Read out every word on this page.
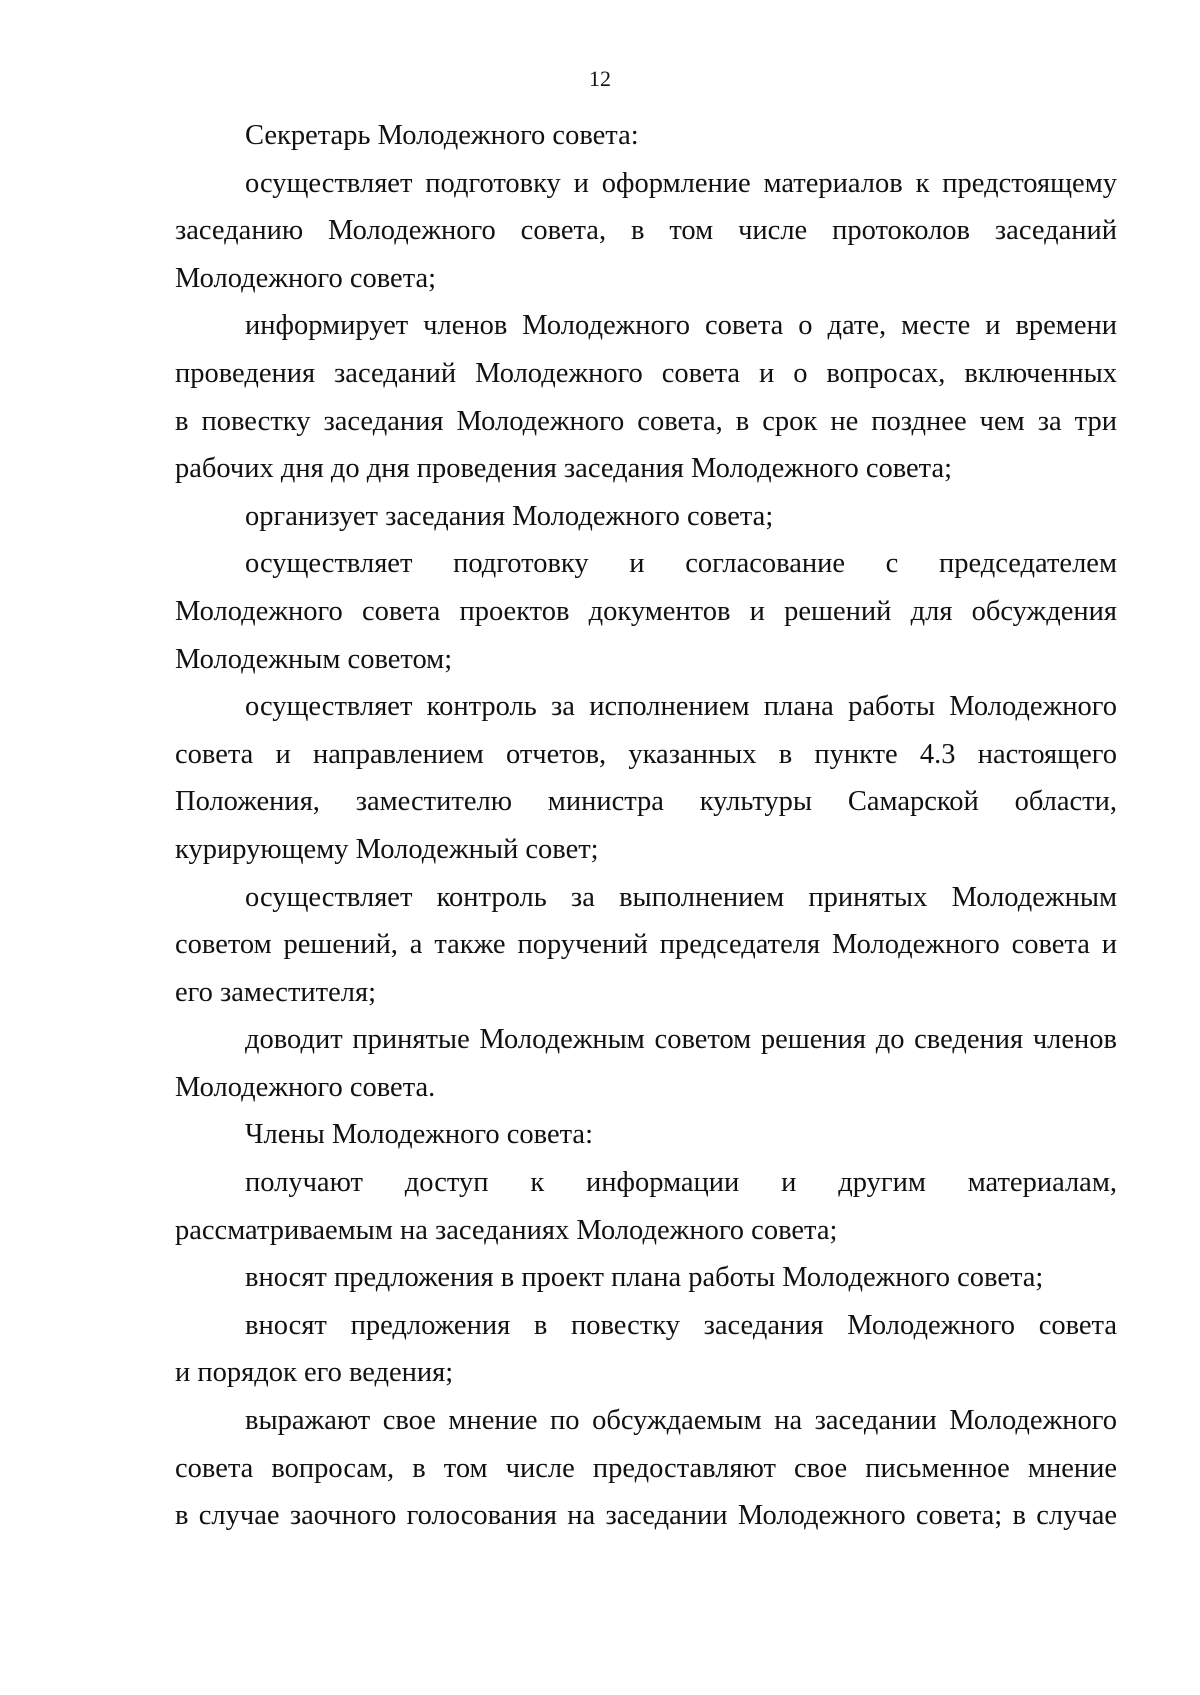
12
Секретарь Молодежного совета:
осуществляет подготовку и оформление материалов к предстоящему
заседанию Молодежного совета, в том числе протоколов заседаний
Молодежного совета;
информирует членов Молодежного совета о дате, месте и времени
проведения заседаний Молодежного совета и о вопросах, включенных
в повестку заседания Молодежного совета, в срок не позднее чем за три
рабочих дня до дня проведения заседания Молодежного совета;
организует заседания Молодежного совета;
осуществляет подготовку и согласование с председателем
Молодежного совета проектов документов и решений для обсуждения
Молодежным советом;
осуществляет контроль за исполнением плана работы Молодежного
совета и направлением отчетов, указанных в пункте 4.3 настоящего
Положения, заместителю министра культуры Самарской области,
курирующему Молодежный совет;
осуществляет контроль за выполнением принятых Молодежным
советом решений, а также поручений председателя Молодежного совета и
его заместителя;
доводит принятые Молодежным советом решения до сведения членов
Молодежного совета.
Члены Молодежного совета:
получают доступ к информации и другим материалам,
рассматриваемым на заседаниях Молодежного совета;
вносят предложения в проект плана работы Молодежного совета;
вносят предложения в повестку заседания Молодежного совета
и порядок его ведения;
выражают свое мнение по обсуждаемым на заседании Молодежного
совета вопросам, в том числе предоставляют свое письменное мнение
в случае заочного голосования на заседании Молодежного совета; в случае
